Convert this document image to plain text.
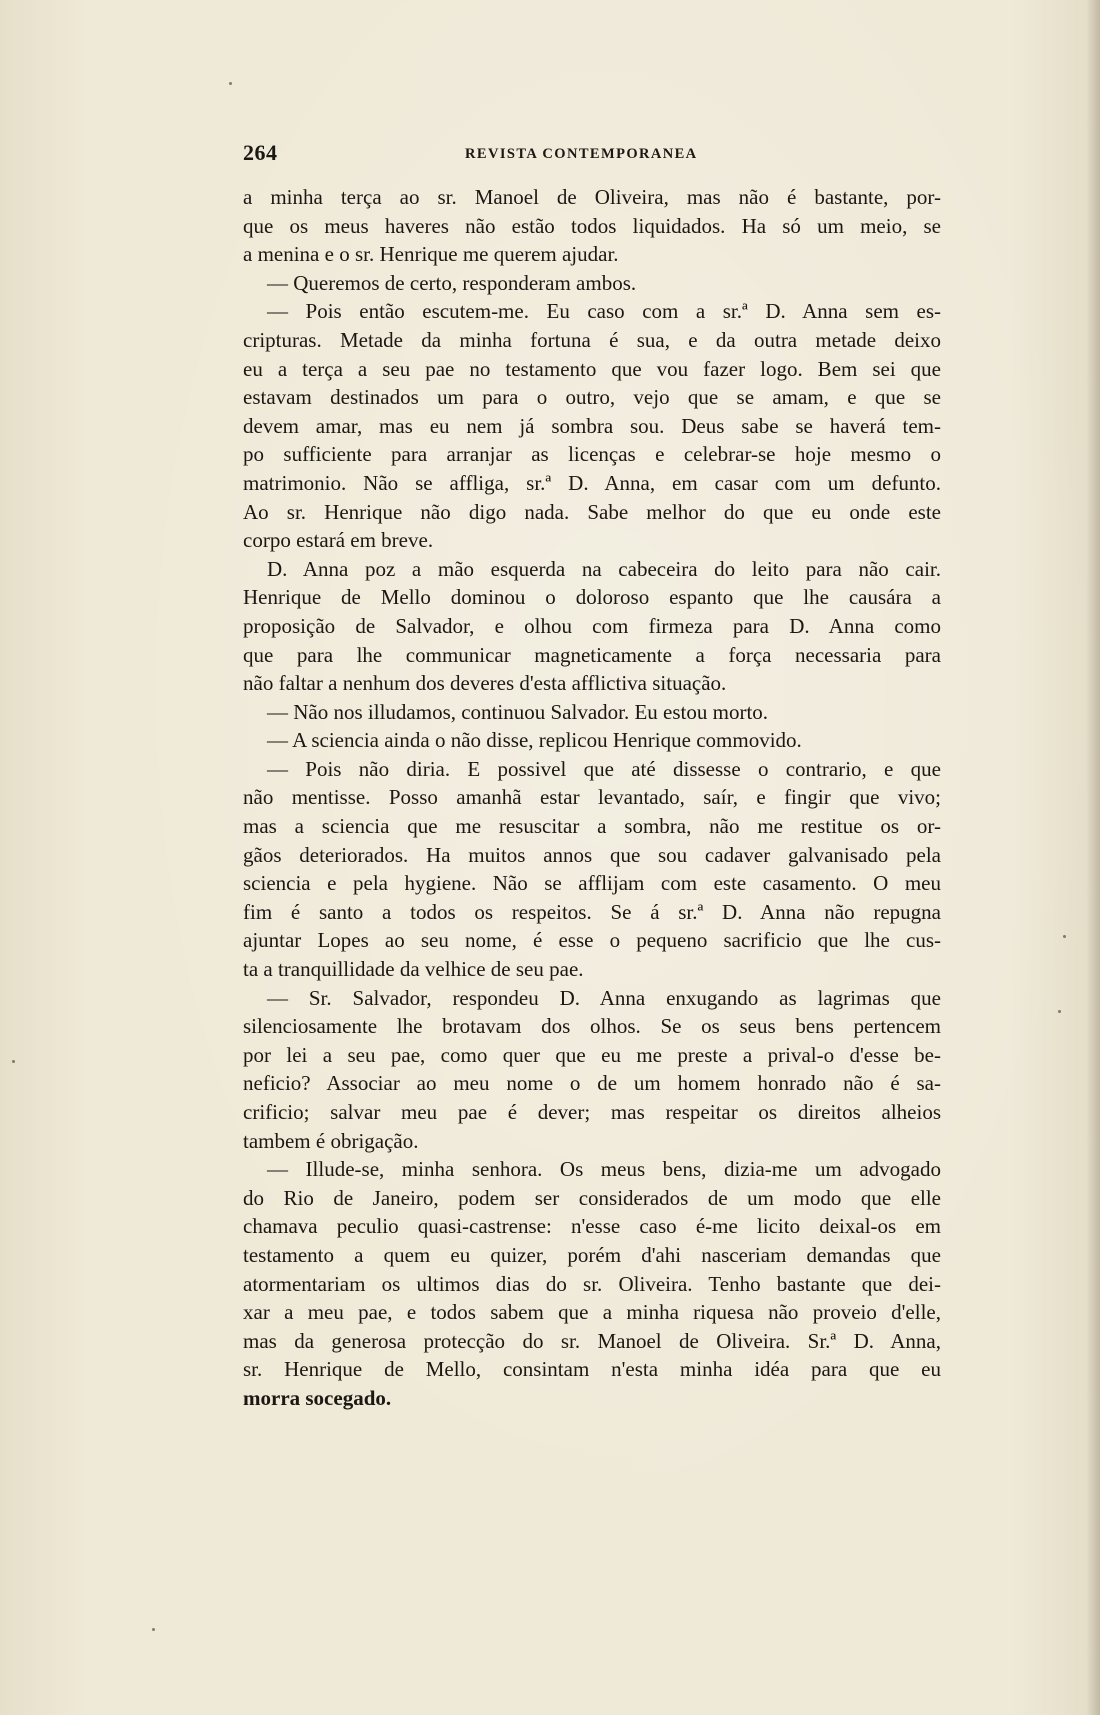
264	REVISTA CONTEMPORANEA
a minha terça ao sr. Manoel de Oliveira, mas não é bastante, por-
que os meus haveres não estão todos liquidados. Ha só um meio, se
a menina e o sr. Henrique me querem ajudar.
— Queremos de certo, responderam ambos.
— Pois então escutem-me. Eu caso com a sr.ª D. Anna sem es-
cripturas. Metade da minha fortuna é sua, e da outra metade deixo
eu a terça a seu pae no testamento que vou fazer logo. Bem sei que
estavam destinados um para o outro, vejo que se amam, e que se
devem amar, mas eu nem já sombra sou. Deus sabe se haverá tem-
po sufficiente para arranjar as licenças e celebrar-se hoje mesmo o
matrimonio. Não se affliga, sr.ª D. Anna, em casar com um defunto.
Ao sr. Henrique não digo nada. Sabe melhor do que eu onde este
corpo estará em breve.
D. Anna poz a mão esquerda na cabeceira do leito para não cair.
Henrique de Mello dominou o doloroso espanto que lhe causára a
proposição de Salvador, e olhou com firmeza para D. Anna como
que para lhe communicar magneticamente a força necessaria para
não faltar a nenhum dos deveres d'esta afflictiva situação.
— Não nos illudamos, continuou Salvador. Eu estou morto.
— A sciencia ainda o não disse, replicou Henrique commovido.
— Pois não diria. E possivel que até dissesse o contrario, e que
não mentisse. Posso amanhã estar levantado, saír, e fingir que vivo;
mas a sciencia que me resuscitar a sombra, não me restitue os or-
gãos deteriorados. Ha muitos annos que sou cadaver galvanisado pela
sciencia e pela hygiene. Não se afflijam com este casamento. O meu
fim é santo a todos os respeitos. Se á sr.ª D. Anna não repugna
ajuntar Lopes ao seu nome, é esse o pequeno sacrificio que lhe cus-
ta a tranquillidade da velhice de seu pae.
— Sr. Salvador, respondeu D. Anna enxugando as lagrimas que
silenciosamente lhe brotavam dos olhos. Se os seus bens pertencem
por lei a seu pae, como quer que eu me preste a prival-o d'esse be-
neficio? Associar ao meu nome o de um homem honrado não é sa-
crificio; salvar meu pae é dever; mas respeitar os direitos alheios
tambem é obrigação.
— Illude-se, minha senhora. Os meus bens, dizia-me um advogado
do Rio de Janeiro, podem ser considerados de um modo que elle
chamava peculio quasi-castrense: n'esse caso é-me licito deixal-os em
testamento a quem eu quizer, porém d'ahi nasceriam demandas que
atormentariam os ultimos dias do sr. Oliveira. Tenho bastante que dei-
xar a meu pae, e todos sabem que a minha riquesa não proveio d'elle,
mas da generosa protecção do sr. Manoel de Oliveira. Sr.ª D. Anna,
sr. Henrique de Mello, consintam n'esta minha idéa para que eu
morra socegado.
